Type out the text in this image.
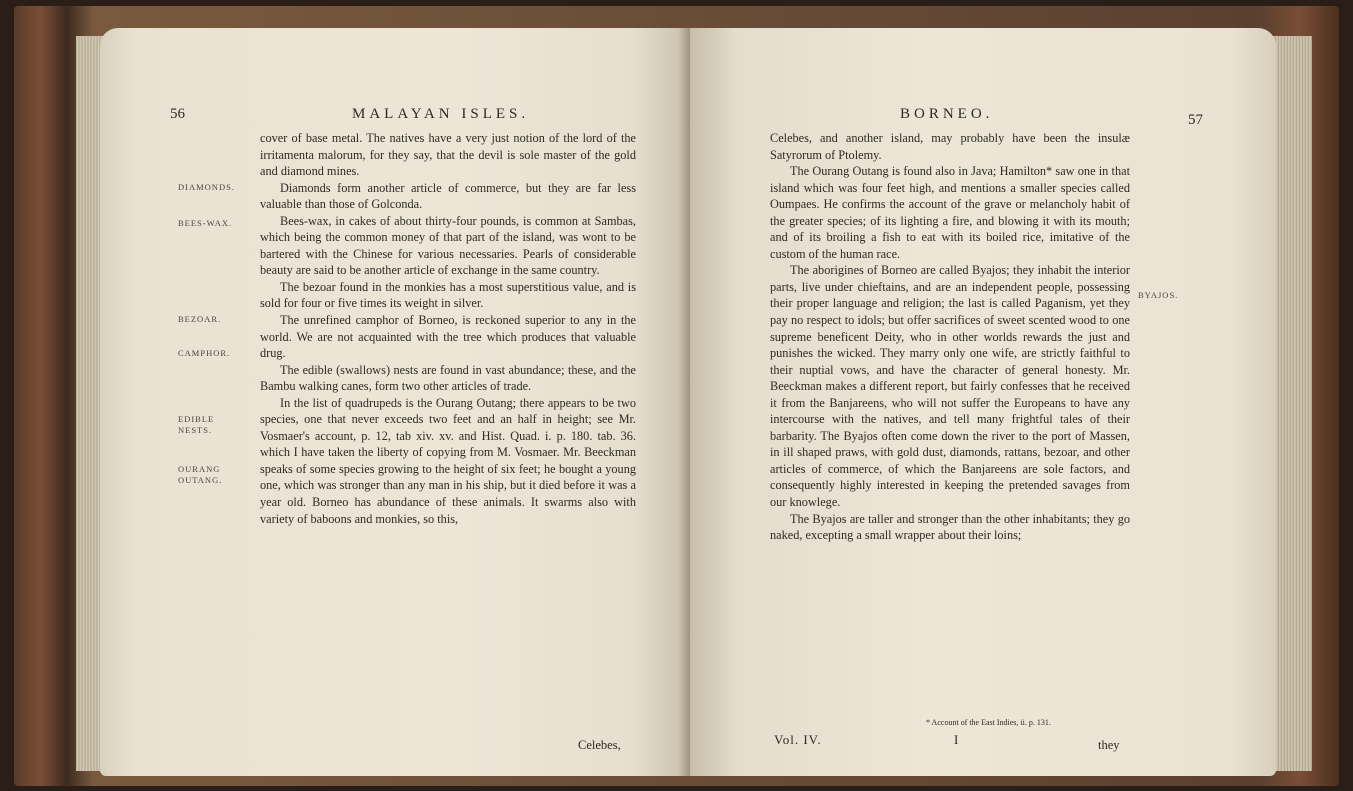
56	MALAYAN ISLES.
DIAMONDS.
BEES-WAX.
BEZOAR.
CAMPHOR.
EDIBLE NESTS.
OURANG OUTANG.

cover of base metal. The natives have a very just notion of the lord of the irritamenta malorum, for they say, that the devil is sole master of the gold and diamond mines.

Diamonds form another article of commerce, but they are far less valuable than those of Golconda.

Bees-wax, in cakes of about thirty-four pounds, is common at Sambas, which being the common money of that part of the island, was wont to be bartered with the Chinese for various necessaries. Pearls of considerable beauty are said to be another article of exchange in the same country.

The bezoar found in the monkies has a most superstitious value, and is sold for four or five times its weight in silver.

The unrefined camphor of Borneo, is reckoned superior to any in the world. We are not acquainted with the tree which produces that valuable drug.

The edible (swallows) nests are found in vast abundance; these, and the Bambu walking canes, form two other articles of trade.

In the list of quadrupeds is the Ourang Outang; there appears to be two species, one that never exceeds two feet and an half in height; see Mr. Vosmaer's account, p. 12, tab xiv. xv. and Hist. Quad. i. p. 180. tab. 36. which I have taken the liberty of copying from M. Vosmaer. Mr. Beeckman speaks of some species growing to the height of six feet; he bought a young one, which was stronger than any man in his ship, but it died before it was a year old. Borneo has abundance of these animals. It swarms also with variety of baboons and monkies, so this,

Celebes,
BORNEO.	57
BYAJOS.

Celebes, and another island, may probably have been the insulæ Satyrorum of Ptolemy.

The Ourang Outang is found also in Java; Hamilton* saw one in that island which was four feet high, and mentions a smaller species called Oumpaes. He confirms the account of the grave or melancholy habit of the greater species; of its lighting a fire, and blowing it with its mouth; and of its broiling a fish to eat with its boiled rice, imitative of the custom of the human race.

The aborigines of Borneo are called Byajos; they inhabit the interior parts, live under chieftains, and are an independent people, possessing their proper language and religion; the last is called Paganism, yet they pay no respect to idols; but offer sacrifices of sweet scented wood to one supreme beneficent Deity, who in other worlds rewards the just and punishes the wicked. They marry only one wife, are strictly faithful to their nuptial vows, and have the character of general honesty. Mr. Beeckman makes a different report, but fairly confesses that he received it from the Banjareens, who will not suffer the Europeans to have any intercourse with the natives, and tell many frightful tales of their barbarity. The Byajos often come down the river to the port of Massen, in ill shaped praws, with gold dust, diamonds, rattans, bezoar, and other articles of commerce, of which the Banjareens are sole factors, and consequently highly interested in keeping the pretended savages from our knowlege.

The Byajos are taller and stronger than the other inhabitants; they go naked, excepting a small wrapper about their loins;

* Account of the East Indies, ii. p. 131.
Vol. IV.	I	they
